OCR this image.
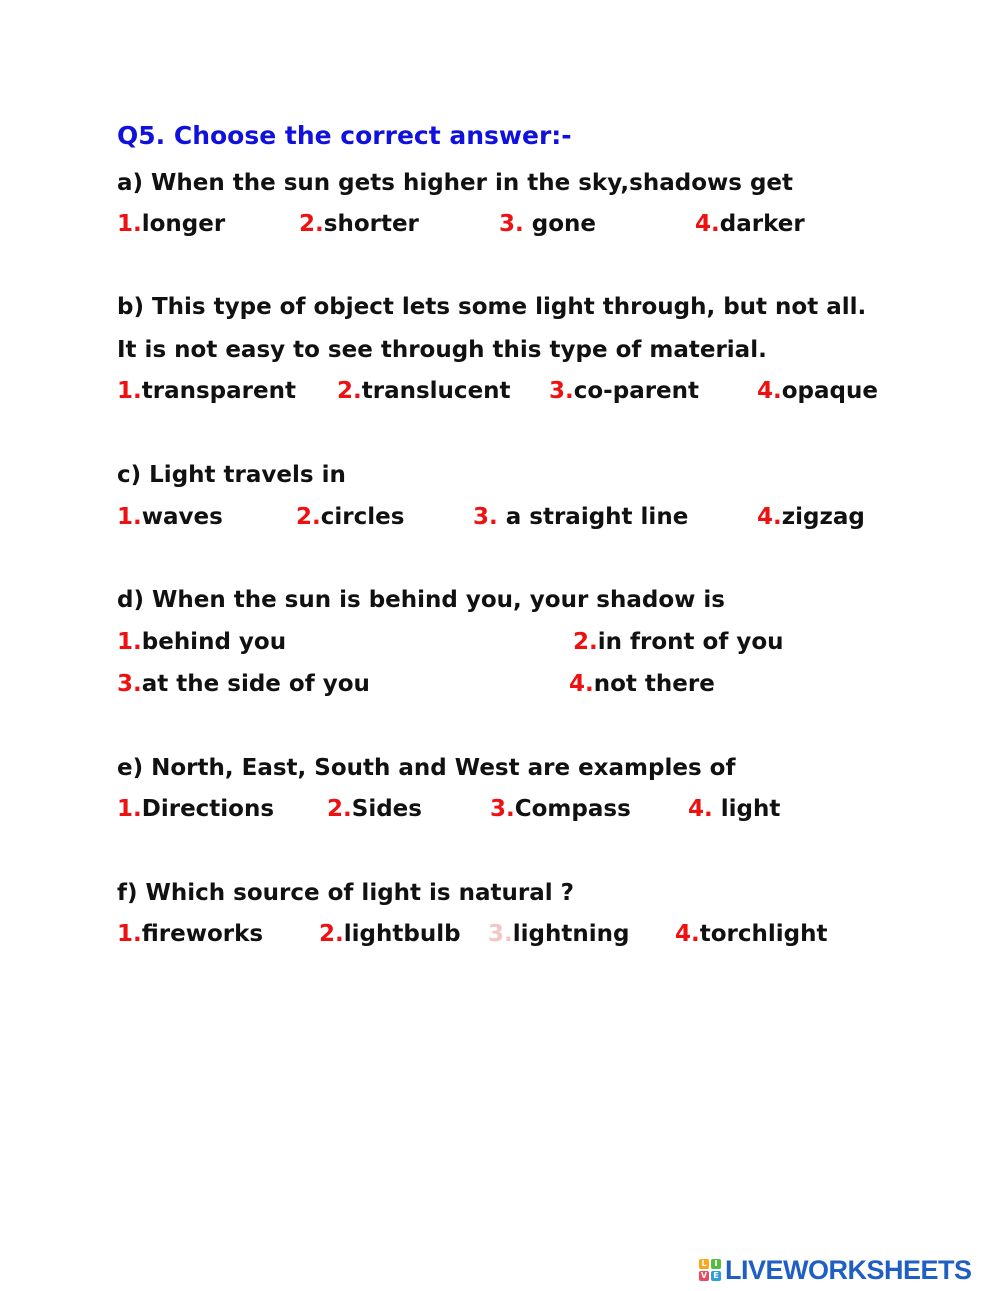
Q5. Choose the correct answer:-
a) When the sun gets higher in the sky,shadows get
1.longer	2.shorter	3. gone	4.darker
b) This type of object lets some light through, but not all.
It is not easy to see through this type of material.
1.transparent 2.translucent 3.co-parent	4.opaque
c) Light travels in
1.waves	2.circles	3. a straight line	4.zigzag
d) When the sun is behind you, your shadow is
1.behind you	2.in front of you
3.at the side of you	4.not there
e) North, East, South and West are examples of
1.Directions 2.Sides	3.Compass 4. light
f) Which source of light is natural ?
1.fireworks 2.lightbulb 3.lightning 4.torchlight
L I
V E LIVEWORKSHEETS
